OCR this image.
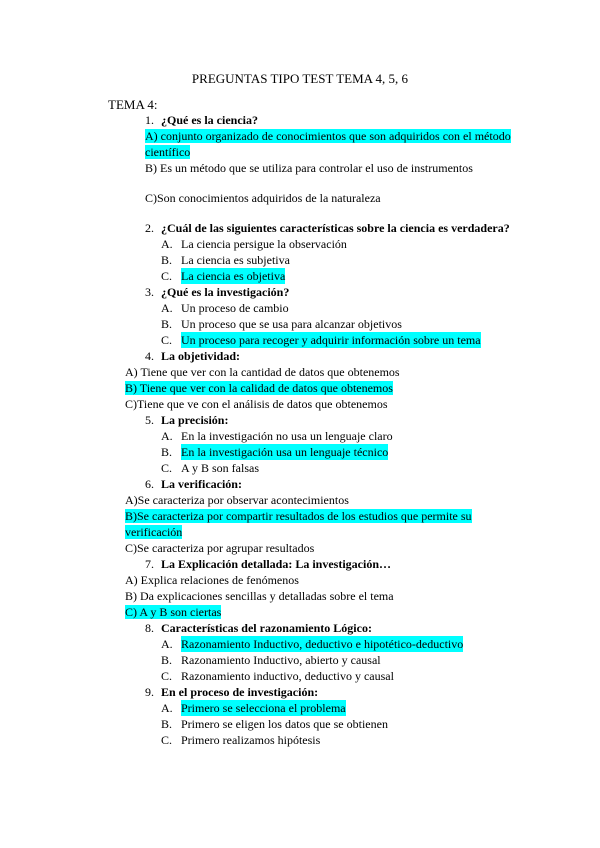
PREGUNTAS TIPO TEST TEMA 4, 5, 6
TEMA 4:
1. ¿Qué es la ciencia?
A) conjunto organizado de conocimientos que son adquiridos con el método
científico
B) Es un método que se utiliza para controlar el uso de instrumentos
C)Son conocimientos adquiridos de la naturaleza
2. ¿Cuál de las siguientes características sobre la ciencia es verdadera?
A. La ciencia persigue la observación
B. La ciencia es subjetiva
C. La ciencia es objetiva
3. ¿Qué es la investigación?
A. Un proceso de cambio
B. Un proceso que se usa para alcanzar objetivos
C. Un proceso para recoger y adquirir información sobre un tema
4. La objetividad:
A) Tiene que ver con la cantidad de datos que obtenemos
B) Tiene que ver con la calidad de datos que obtenemos
C)Tiene que ve con el análisis de datos que obtenemos
5. La precisión:
A. En la investigación no usa un lenguaje claro
B. En la investigación usa un lenguaje técnico
C. A y B son falsas
6. La verificación:
A)Se caracteriza por observar acontecimientos
B)Se caracteriza por compartir resultados de los estudios que permite su
verificación
C)Se caracteriza por agrupar resultados
7. La Explicación detallada: La investigación…
A) Explica relaciones de fenómenos
B) Da explicaciones sencillas y detalladas sobre el tema
C) A y B son ciertas
8. Características del razonamiento Lógico:
A. Razonamiento Inductivo, deductivo e hipotético-deductivo
B. Razonamiento Inductivo, abierto y causal
C. Razonamiento inductivo, deductivo y causal
9. En el proceso de investigación:
A. Primero se selecciona el problema
B. Primero se eligen los datos que se obtienen
C. Primero realizamos hipótesis
